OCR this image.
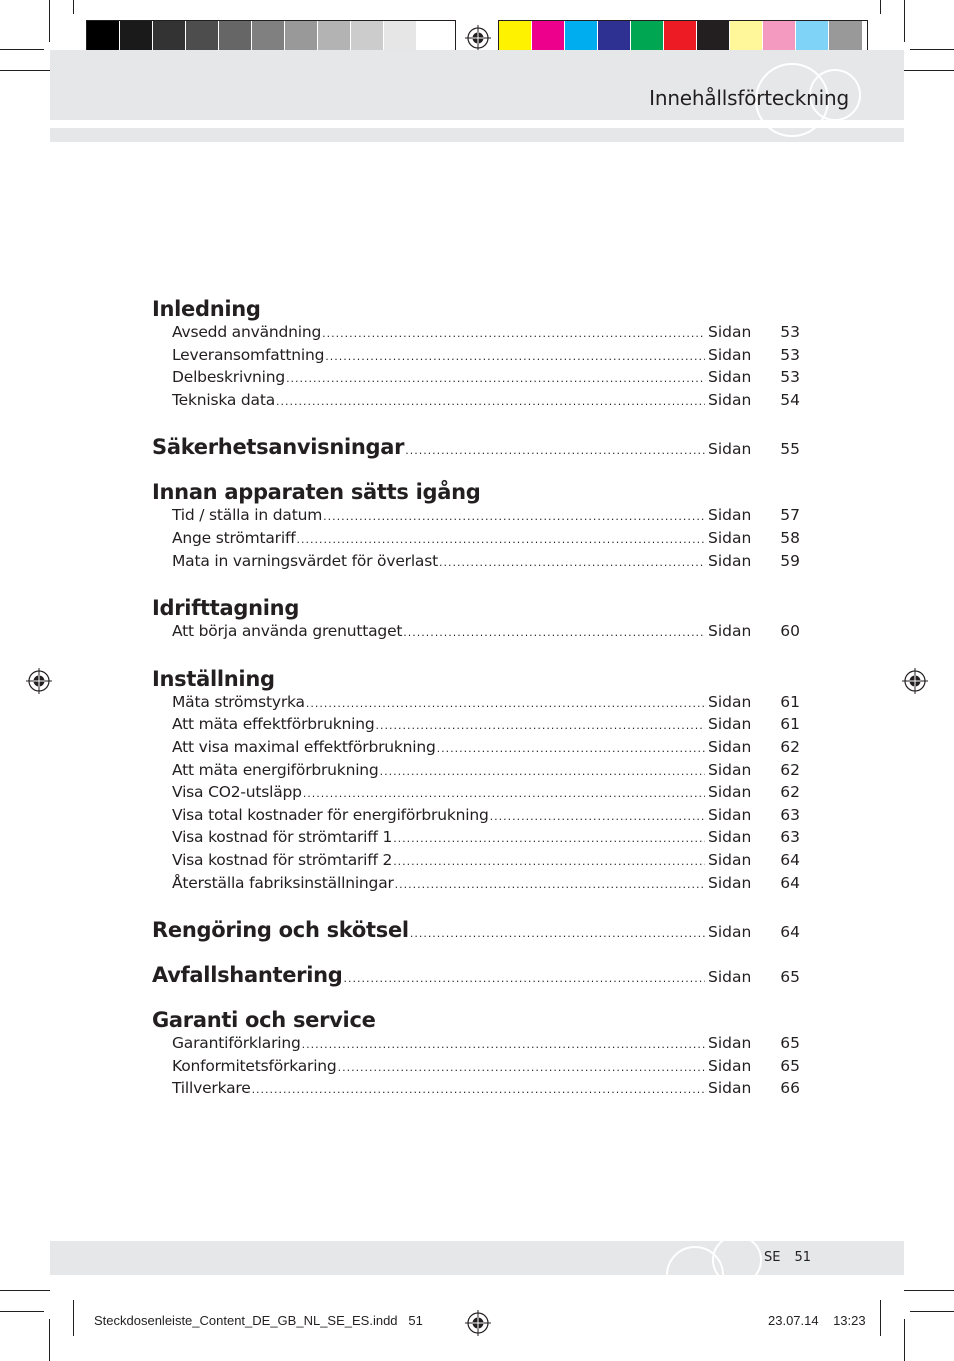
Innehållsförteckning
Inledning
Avsedd användning .....	Sidan	53
Leveransomfattning .....	Sidan	53
Delbeskrivning .....	Sidan	53
Tekniska data .....	Sidan	54
Säkerhetsanvisningar .....	Sidan	55
Innan apparaten sätts igång
Tid / ställa in datum .....	Sidan	57
Ange strömtariff .....	Sidan	58
Mata in varningsvärdet för överlast .....	Sidan	59
Idrifttagning
Att börja använda grenuttaget .....	Sidan	60
Inställning
Mäta strömstyrka .....	Sidan	61
Att mäta effektförbrukning .....	Sidan	61
Att visa maximal effektförbrukning .....	Sidan	62
Att mäta energiförbrukning .....	Sidan	62
Visa CO2-utsläpp .....	Sidan	62
Visa total kostnader för energiförbrukning .....	Sidan	63
Visa kostnad för strömtariff 1 .....	Sidan	63
Visa kostnad för strömtariff 2 .....	Sidan	64
Återställa fabriksinställningar .....	Sidan	64
Rengöring och skötsel .....	Sidan	64
Avfallshantering .....	Sidan	65
Garanti och service
Garantiförklaring .....	Sidan	65
Konformitetsförkaring .....	Sidan	65
Tillverkare .....	Sidan	66
SE 51
Steckdosenleiste_Content_DE_GB_NL_SE_ES.indd 51	23.07.14 13:23
